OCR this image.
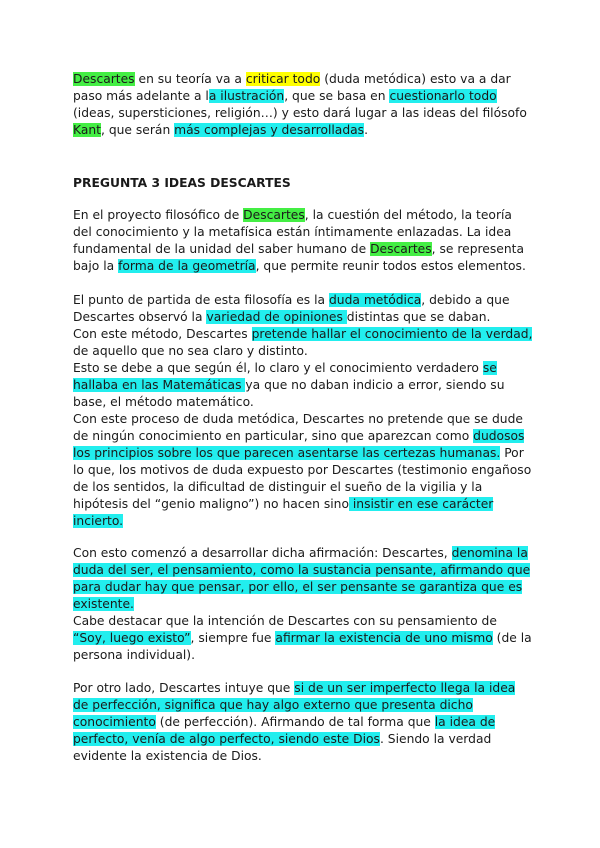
Descartes en su teoría va a criticar todo (duda metódica) esto va a dar paso más adelante a la ilustración, que se basa en cuestionarlo todo (ideas, supersticiones, religión…) y esto dará lugar a las ideas del filósofo Kant, que serán más complejas y desarrolladas.

PREGUNTA 3 IDEAS DESCARTES

En el proyecto filosófico de Descartes, la cuestión del método, la teoría del conocimiento y la metafísica están íntimamente enlazadas. La idea fundamental de la unidad del saber humano de Descartes, se representa bajo la forma de la geometría, que permite reunir todos estos elementos.

El punto de partida de esta filosofía es la duda metódica, debido a que Descartes observó la variedad de opiniones distintas que se daban.
Con este método, Descartes pretende hallar el conocimiento de la verdad, de aquello que no sea claro y distinto.
Esto se debe a que según él, lo claro y el conocimiento verdadero se hallaba en las Matemáticas ya que no daban indicio a error, siendo su base, el método matemático.
Con este proceso de duda metódica, Descartes no pretende que se dude de ningún conocimiento en particular, sino que aparezcan como dudosos los principios sobre los que parecen asentarse las certezas humanas. Por lo que, los motivos de duda expuesto por Descartes (testimonio engañoso de los sentidos, la dificultad de distinguir el sueño de la vigilia y la hipótesis del “genio maligno”) no hacen sino insistir en ese carácter incierto.

Con esto comenzó a desarrollar dicha afirmación: Descartes, denomina la duda del ser, el pensamiento, como la sustancia pensante, afirmando que para dudar hay que pensar, por ello, el ser pensante se garantiza que es existente.
Cabe destacar que la intención de Descartes con su pensamiento de “Soy, luego existo”, siempre fue afirmar la existencia de uno mismo (de la persona individual).

Por otro lado, Descartes intuye que si de un ser imperfecto llega la idea de perfección, significa que hay algo externo que presenta dicho conocimiento (de perfección). Afirmando de tal forma que la idea de perfecto, venía de algo perfecto, siendo este Dios. Siendo la verdad evidente la existencia de Dios.
